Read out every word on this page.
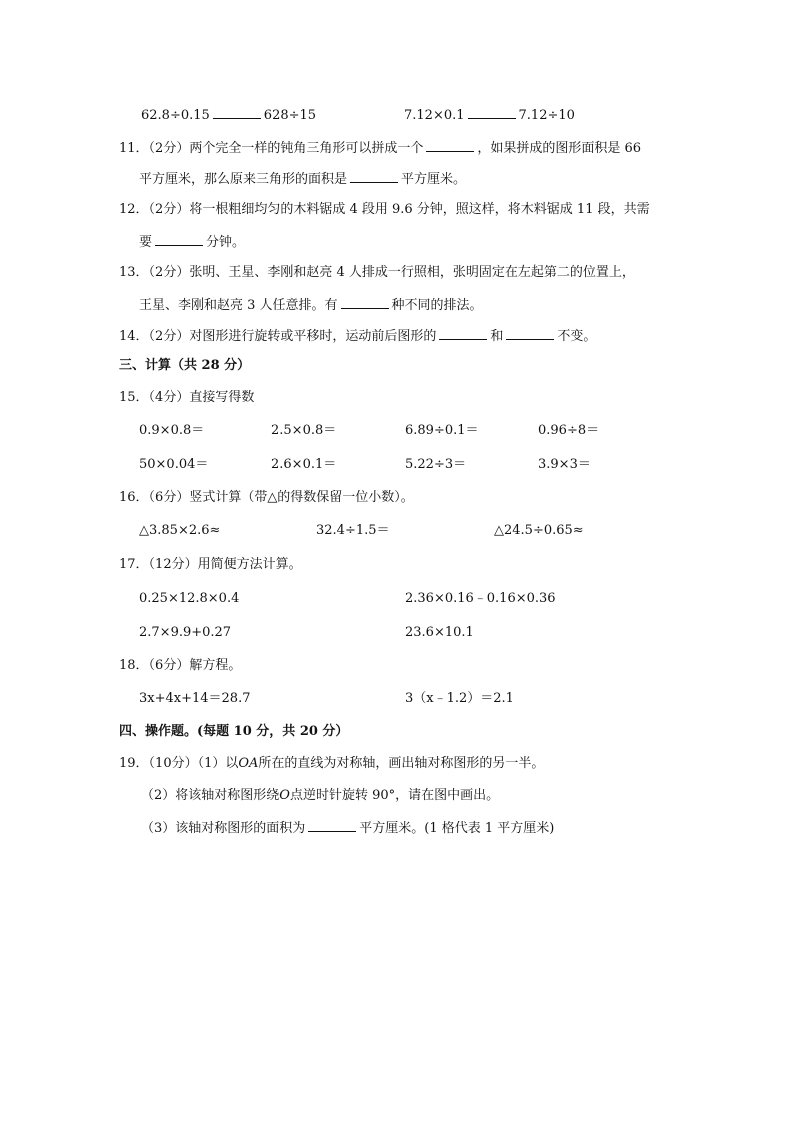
62.8÷0.15	628÷15	7.12×0.1	7.12÷10
11．（2分）两个完全一样的钝角三角形可以拼成一个	，如果拼成的图形面积是 66
平方厘米，那么原来三角形的面积是	平方厘米。
12．（2分）将一根粗细均匀的木料锯成 4 段用 9.6 分钟，照这样，将木料锯成 11 段，共需
要	分钟。
13．（2分）张明、王星、李刚和赵亮 4 人排成一行照相，张明固定在左起第二的位置上，
王星、李刚和赵亮 3 人任意排。有	种不同的排法。
14．（2分）对图形进行旋转或平移时，运动前后图形的	和	不变。
三、计算（共 28 分）
15．（4分）直接写得数
0.9×0.8＝	2.5×0.8＝	6.89÷0.1＝	0.96÷8＝
50×0.04＝	2.6×0.1＝	5.22÷3＝	3.9×3＝
16．（6分）竖式计算（带△的得数保留一位小数）。
△3.85×2.6≈	32.4÷1.5＝	△24.5÷0.65≈
17．（12分）用简便方法计算。
0.25×12.8×0.4	2.36×0.16﹣0.16×0.36
2.7×9.9+0.27	23.6×10.1
18．（6分）解方程。
3x+4x+14＝28.7	3（x﹣1.2）＝2.1
四、操作题。(每题 10 分，共 20 分）
19．（10分）（1）以OA所在的直线为对称轴，画出轴对称图形的另一半。
（2）将该轴对称图形绕O点逆时针旋转 90°，请在图中画出。
（3）该轴对称图形的面积为	平方厘米。(1 格代表 1 平方厘米)
